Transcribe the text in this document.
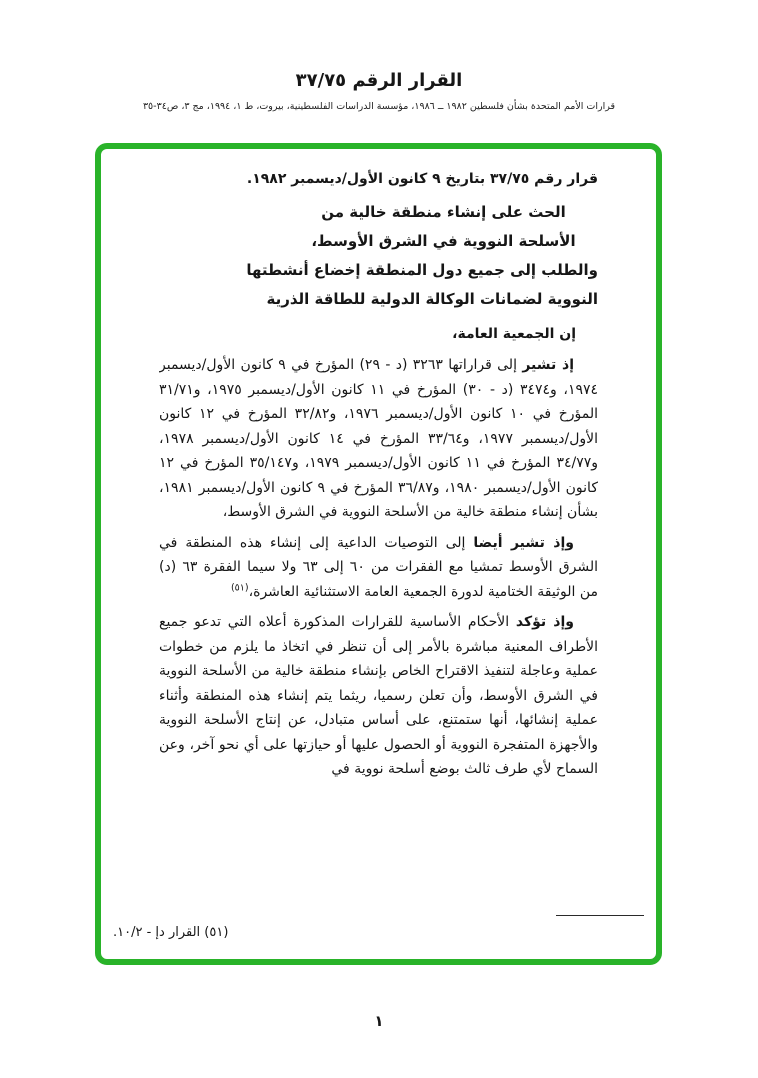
القرار الرقم ٣٧/٧٥
قرارات الأمم المتحدة بشأن فلسطين ١٩٨٢ ــ ١٩٨٦، مؤسسة الدراسات الفلسطينية، بيروت، ط ١، ١٩٩٤، مج ٣، ص٣٤-٣٥

قرار رقم ٣٧/٧٥ بتاريخ ٩ كانون الأول/ديسمبر ١٩٨٢.

الحث على إنشاء منطقة خالية من
الأسلحة النووية في الشرق الأوسط،
والطلب إلى جميع دول المنطقة إخضاع أنشطتها
النووية لضمانات الوكالة الدولية للطاقة الذرية

إن الجمعية العامة،

إذ تشير إلى قراراتها ٣٢٦٣ (د - ٢٩) المؤرخ في ٩ كانون الأول/ديسمبر ١٩٧٤، و٣٤٧٤ (د - ٣٠) المؤرخ في ١١ كانون الأول/ديسمبر ١٩٧٥، و٣١/٧١ المؤرخ في ١٠ كانون الأول/ديسمبر ١٩٧٦، و٣٢/٨٢ المؤرخ في ١٢ كانون الأول/ديسمبر ١٩٧٧، و٣٣/٦٤ المؤرخ في ١٤ كانون الأول/ديسمبر ١٩٧٨، و٣٤/٧٧ المؤرخ في ١١ كانون الأول/ديسمبر ١٩٧٩، و٣٥/١٤٧ المؤرخ في ١٢ كانون الأول/ديسمبر ١٩٨٠، و٣٦/٨٧ المؤرخ في ٩ كانون الأول/ديسمبر ١٩٨١، بشأن إنشاء منطقة خالية من الأسلحة النووية في الشرق الأوسط،

وإذ تشير أيضا إلى التوصيات الداعية إلى إنشاء هذه المنطقة في الشرق الأوسط تمشيا مع الفقرات من ٦٠ إلى ٦٣ ولا سيما الفقرة ٦٣ (د) من الوثيقة الختامية لدورة الجمعية العامة الاستثنائية العاشرة،$^{(٥١)}$

وإذ تؤكد الأحكام الأساسية للقرارات المذكورة أعلاه التي تدعو جميع الأطراف المعنية مباشرة بالأمر إلى أن تنظر في اتخاذ ما يلزم من خطوات عملية وعاجلة لتنفيذ الاقتراح الخاص بإنشاء منطقة خالية من الأسلحة النووية في الشرق الأوسط، وأن تعلن رسميا، ريثما يتم إنشاء هذه المنطقة وأثناء عملية إنشائها، أنها ستمتنع، على أساس متبادل، عن إنتاج الأسلحة النووية والأجهزة المتفجرة النووية أو الحصول عليها أو حيازتها على أي نحو آخر، وعن السماح لأي طرف ثالث بوضع أسلحة نووية في

(٥١) القرار دإ - ١٠/٢.
١
